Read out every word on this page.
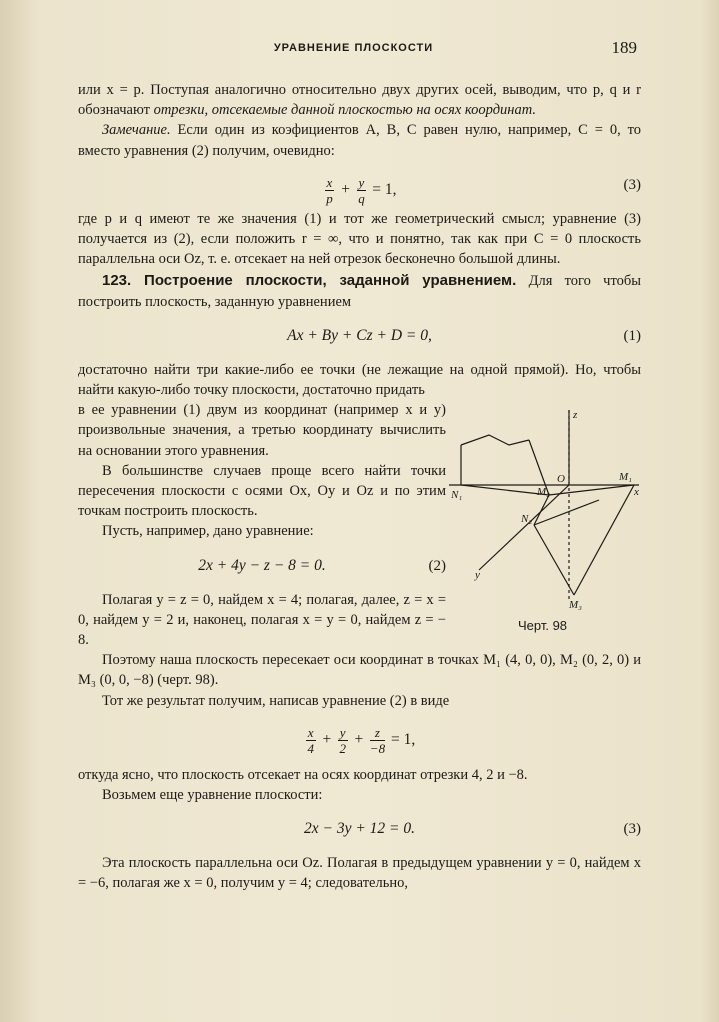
УРАВНЕНИЕ ПЛОСКОСТИ	189

или x = p. Поступая аналогично относительно двух других осей, выводим, что p, q и r обозначают отрезки, отсекаемые данной плоскостью на осях координат.

Замечание. Если один из коэфициентов A, B, C равен нулю, например, C = 0, то вместо уравнения (2) получим, очевидно:

$\frac{x}{p} + \frac{y}{q} = 1$,	(3)

где p и q имеют те же значения (1) и тот же геометрический смысл; уравнение (3) получается из (2), если положить r = ∞, что и понятно, так как при C = 0 плоскость параллельна оси Oz, т. е. отсекает на ней отрезок бесконечно большой длины.

123. Построение плоскости, заданной уравнением. Для того чтобы построить плоскость, заданную уравнением

Ax + By + Cz + D = 0,	(1)

достаточно найти три какие-либо ее точки (не лежащие на одной прямой). Но, чтобы найти какую-либо точку плоскости, достаточно придать

z
O	M₁
N₁	M₂	x
N₂
M₃
y
Черт. 98

в ее уравнении (1) двум из координат (например x и y) произвольные значения, а третью координату вычислить на основании этого уравнения.

В большинстве случаев проще всего найти точки пересечения плоскости с осями Ox, Oy и Oz и по этим точкам построить плоскость.

Пусть, например, дано уравнение:

2x + 4y − z − 8 = 0.	(2)

Полагая y = z = 0, найдем x = 4; полагая, далее, z = x = 0, найдем y = 2 и, наконец, полагая x = y = 0, найдем z = − 8.

Поэтому наша плоскость пересекает оси координат в точках M₁ (4, 0, 0), M₂ (0, 2, 0) и M₃ (0, 0, −8) (черт. 98).

Тот же результат получим, написав уравнение (2) в виде

$\frac{x}{4} + \frac{y}{2} + \frac{z}{-8} = 1$,

откуда ясно, что плоскость отсекает на осях координат отрезки 4, 2 и −8.

Возьмем еще уравнение плоскости:

2x − 3y + 12 = 0.	(3)

Эта плоскость параллельна оси Oz. Полагая в предыдущем уравнении y = 0, найдем x = −6, полагая же x = 0, получим y = 4; следовательно,
